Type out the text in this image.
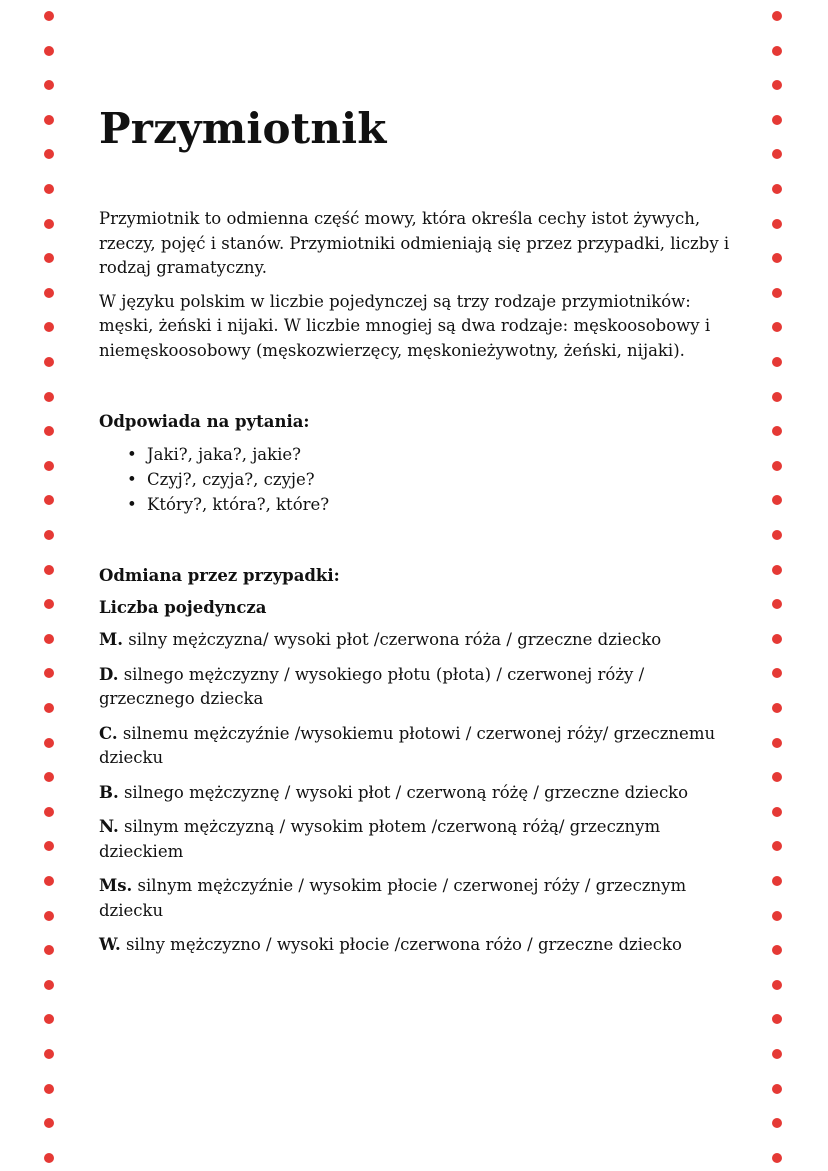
Przymiotnik

Przymiotnik to odmienna część mowy, która określa cechy istot żywych, rzeczy, pojęć i stanów. Przymiotniki odmieniają się przez przypadki, liczby i rodzaj gramatyczny.

W języku polskim w liczbie pojedynczej są trzy rodzaje przymiotników: męski, żeński i nijaki. W liczbie mnogiej są dwa rodzaje: męskoosobowy i niemęskoosobowy (męskozwierzęcy, męskonieżywotny, żeński, nijaki).

Odpowiada na pytania:
• Jaki?, jaka?, jakie?
• Czyj?, czyja?, czyje?
• Który?, która?, które?
Odmiana przez przypadki:
Liczba pojedyncza

M. silny mężczyzna/ wysoki płot /czerwona róża / grzeczne dziecko

D. silnego mężczyzny / wysokiego płotu (płota) / czerwonej róży / grzecznego dziecka

C. silnemu mężczyźnie /wysokiemu płotowi / czerwonej róży/ grzecznemu dziecku

B. silnego mężczyznę / wysoki płot / czerwoną różę / grzeczne dziecko

N. silnym mężczyzną / wysokim płotem /czerwoną różą/ grzecznym dzieckiem

Ms. silnym mężczyźnie / wysokim płocie / czerwonej róży / grzecznym dziecku

W. silny mężczyzno / wysoki płocie /czerwona różo / grzeczne dziecko
